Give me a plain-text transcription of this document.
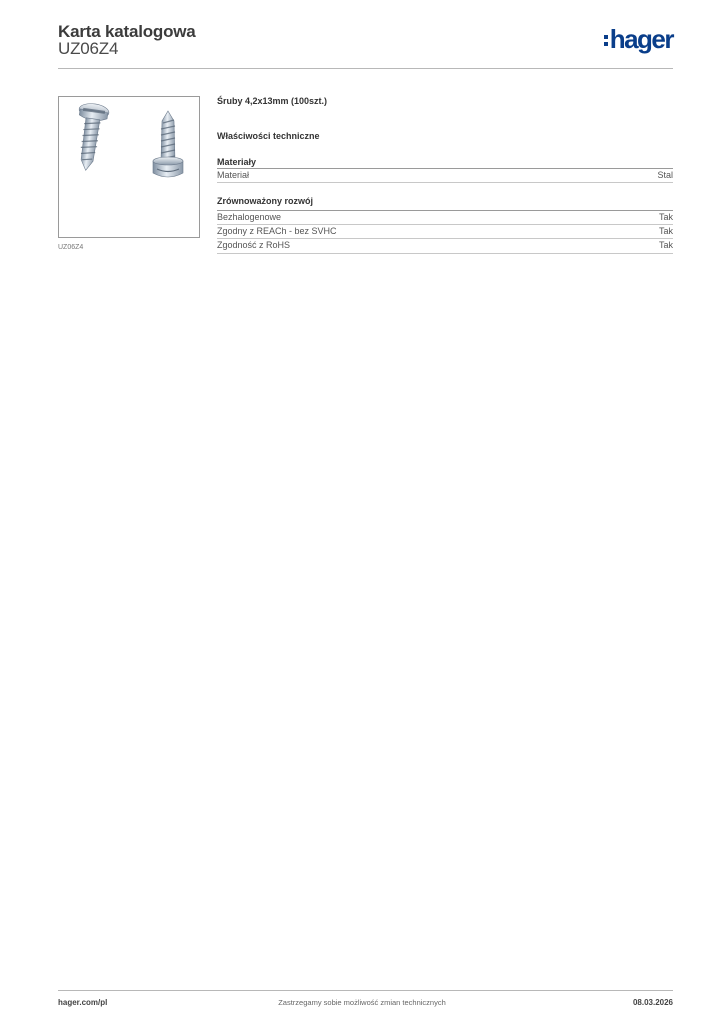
Karta katalogowa
UZ06Z4	hager
UZ06Z4
Śruby 4,2x13mm (100szt.)
Właściwości techniczne
Materiały
Materiał	Stal
Zrównoważony rozwój
Bezhalogenowe	Tak
Zgodny z REACh - bez SVHC	Tak
Zgodność z RoHS	Tak
hager.com/pl	Zastrzegamy sobie możliwość zmian technicznych	08.03.2026
